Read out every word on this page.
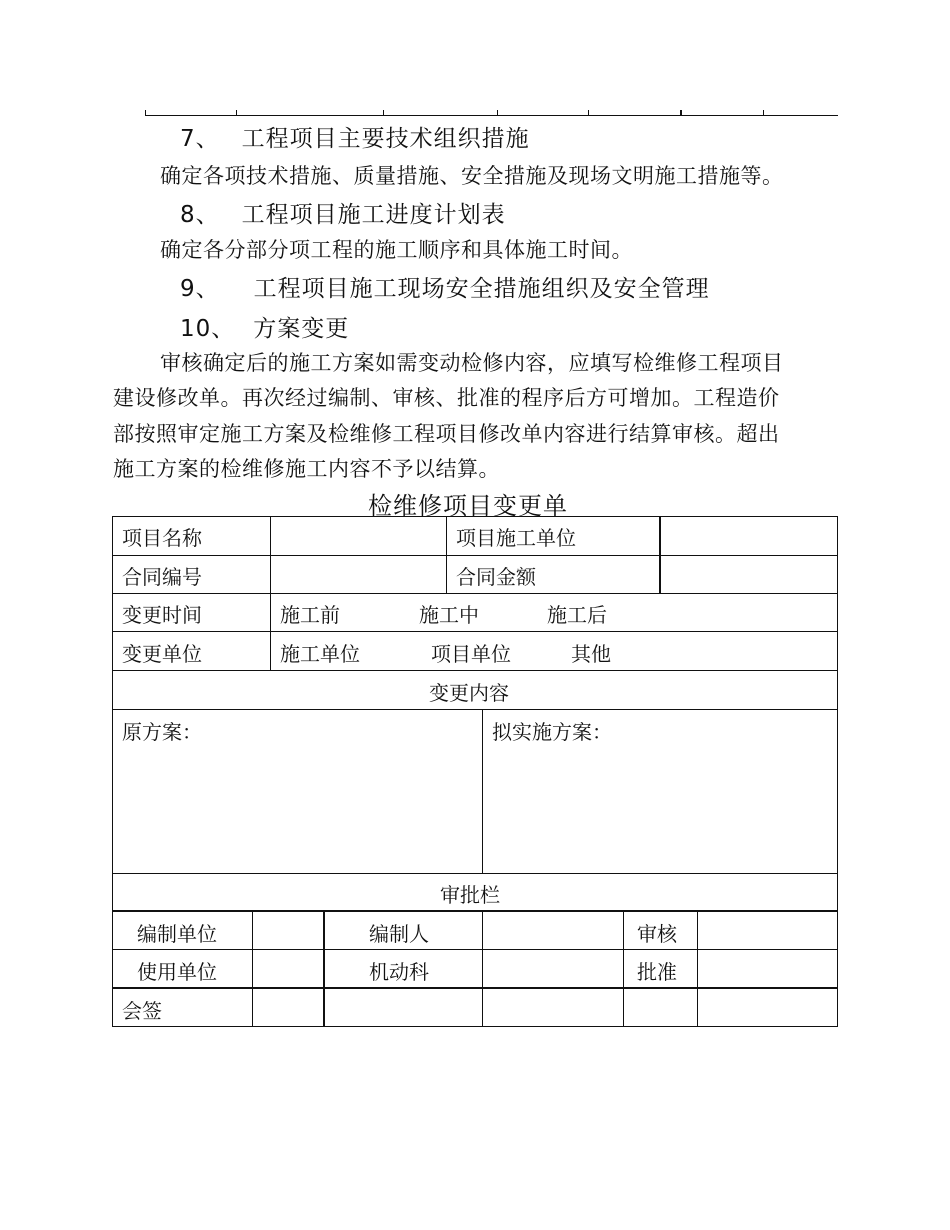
7、 工程项目主要技术组织措施
确定各项技术措施、质量措施、安全措施及现场文明施工措施等。
8、 工程项目施工进度计划表
确定各分部分项工程的施工顺序和具体施工时间。
9、 工程项目施工现场安全措施组织及安全管理
10、 方案变更
审核确定后的施工方案如需变动检修内容，应填写检维修工程项目
建设修改单。再次经过编制、审核、批准的程序后方可增加。工程造价
部按照审定施工方案及检维修工程项目修改单内容进行结算审核。超出
施工方案的检维修施工内容不予以结算。
检维修项目变更单
项目名称	项目施工单位
合同编号	合同金额
变更时间	施工前	施工中	施工后
变更单位	施工单位	项目单位	其他
变更内容
原方案：	拟实施方案：
审批栏
编制单位	编制人	审核
使用单位	机动科	批准
会签
